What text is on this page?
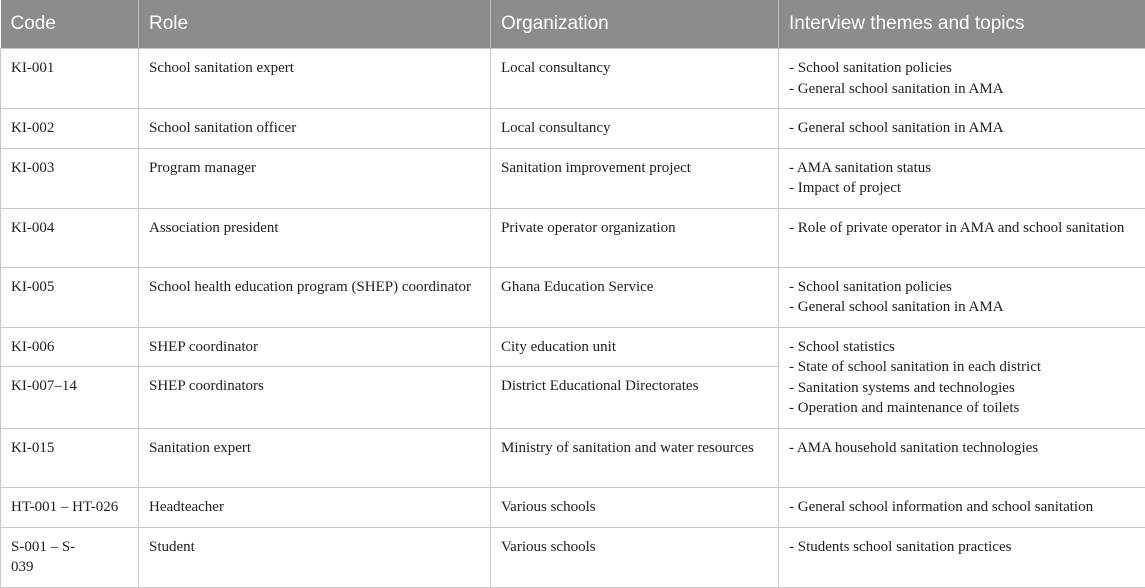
Code	Role	Organization	Interview themes and topics
KI-001	School sanitation expert	Local consultancy	- School sanitation policies
- General school sanitation in AMA

KI-002	School sanitation officer	Local consultancy	- General school sanitation in AMA

KI-003	Program manager	Sanitation improvement project	- AMA sanitation status
- Impact of project

KI-004	Association president	Private operator organization	- Role of private operator in AMA and school sanitation

KI-005	School health education program (SHEP) coordinator	Ghana Education Service	- School sanitation policies
- General school sanitation in AMA

KI-006	SHEP coordinator	City education unit	- School statistics
- State of school sanitation in each district
- Sanitation systems and technologies
- Operation and maintenance of toilets

KI-007–14	SHEP coordinators	District Educational Directorates	
KI-015	Sanitation expert	Ministry of sanitation and water resources	- AMA household sanitation technologies

HT-001 – HT-026	Headteacher	Various schools	- General school information and school sanitation

S-001 – S-039	Student	Various schools	- Students school sanitation practices
